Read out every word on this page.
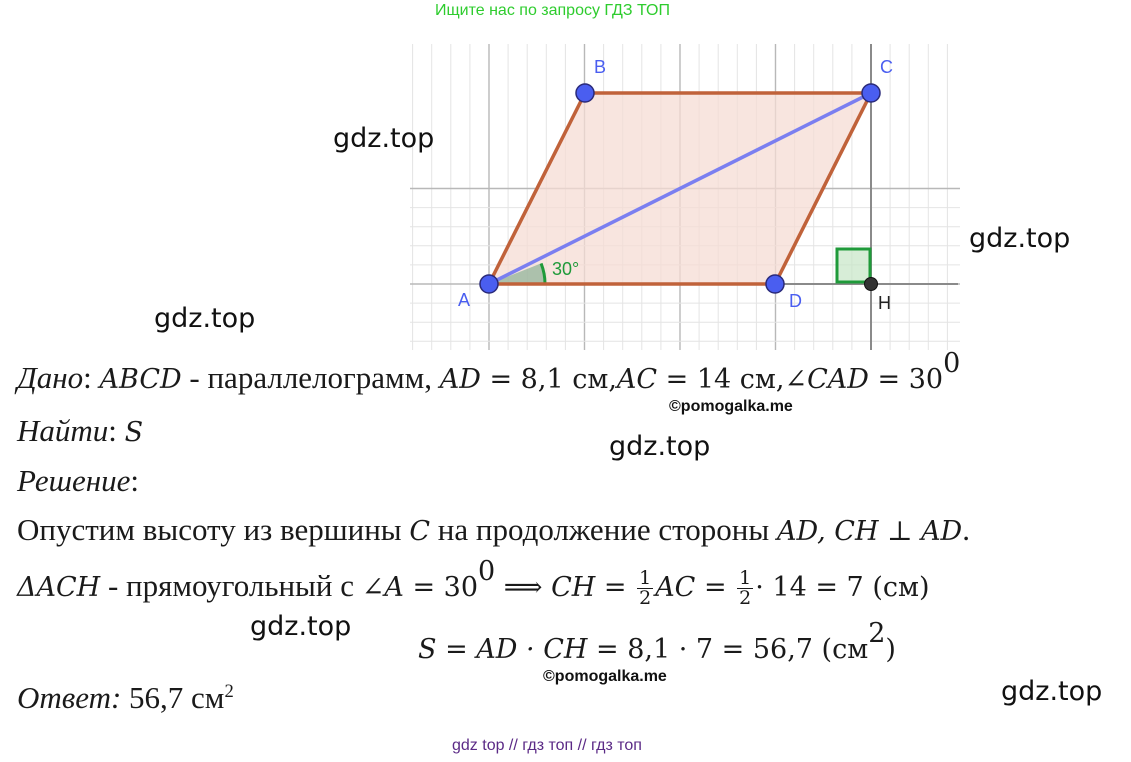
Ищите нас по запросу ГДЗ ТОП
A
B	C
D	H
30°
gdz.top
gdz.top
gdz.top
gdz.top
gdz.top
gdz.top
©pomogalka.me
©pomogalka.me
Дано: ABCD - параллелограмм, AD = 8,1 см,AC = 14 см,∠CAD = $30^0$
Найти: S
Решение:
Опустим высоту из вершины C на продолжение стороны AD, CH ⊥ AD.
ΔACH - прямоугольный с ∠A = $30^0$ ⟹ CH = $\frac{1}{2}$ AC = $\frac{1}{2} \cdot 14 = 7$ (см)
S = AD · CH = 8,1 · 7 = 56,7 $(см^2)$
Ответ: 56,7 $см^2$
gdz top // гдз топ // гдз топ
